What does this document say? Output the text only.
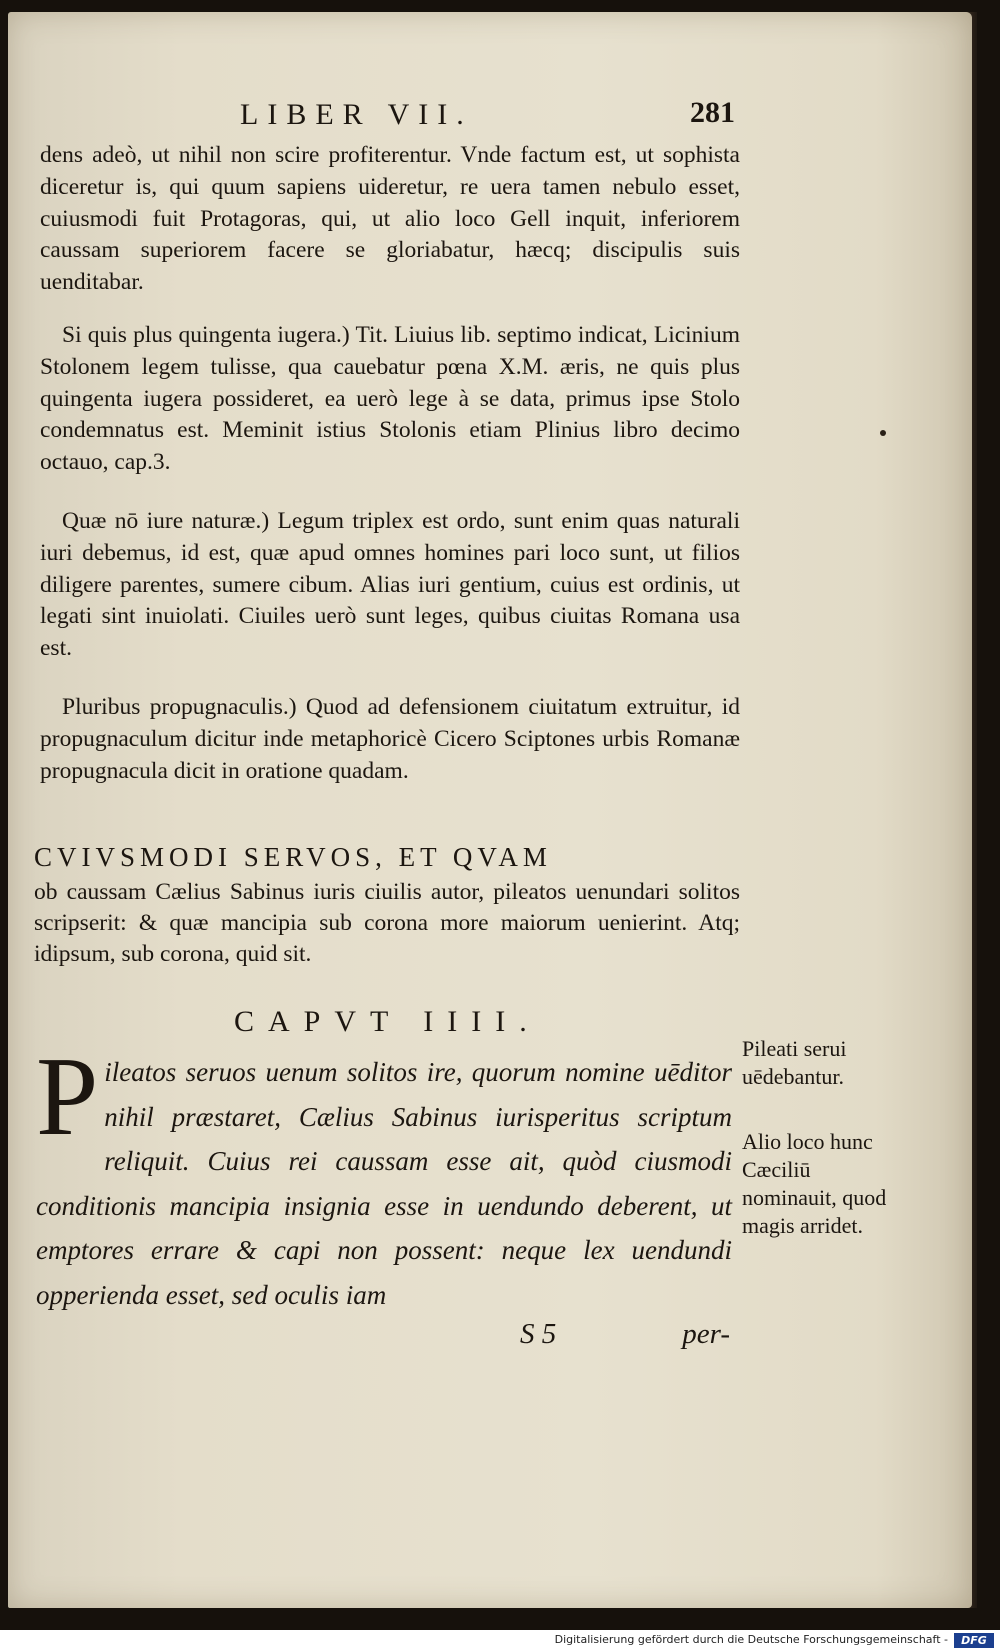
LIBER VII.	281

dens adeò, ut nihil non scire profiterentur. Vnde factum est, ut sophista diceretur is, qui quum sapiens uideretur, re uera tamen nebulo esset, cuiusmodi fuit Protagoras, qui, ut alio loco Gell inquit, inferiorem caussam superiorem facere se gloriabatur, hæcq; discipulis suis uenditabar.

Si quis plus quingenta iugera.) Tit. Liuius lib. septimo indicat, Licinium Stolonem legem tulisse, qua cauebatur pœna X.M. æris, ne quis plus quingenta iugera possideret, ea uerò lege à se data, primus ipse Stolo condemnatus est. Meminit istius Stolonis etiam Plinius libro decimo octauo, cap.3.

Quæ nō iure naturæ.) Legum triplex est ordo, sunt enim quas naturali iuri debemus, id est, quæ apud omnes homines pari loco sunt, ut filios diligere parentes, sumere cibum. Alias iuri gentium, cuius est ordinis, ut legati sint inuiolati. Ciuiles uerò sunt leges, quibus ciuitas Romana usa est.

Pluribus propugnaculis.) Quod ad defensionem ciuitatum extruitur, id propugnaculum dicitur inde metaphoricè Cicero Sciptones urbis Romanæ propugnacula dicit in oratione quadam.

CVIVSMODI SERVOS, ET QVAM
ob caussam Cælius Sabinus iuris ciuilis autor, pileatos uenundari solitos scripserit: & quæ mancipia sub corona more maiorum uenierint. Atq; idipsum, sub corona, quid sit.
CAPVT IIII.
P ileatos seruos uenum solitos ire, quorum nomine uēditor nihil præstaret, Cælius Sabinus iurisperitus scriptum reliquit. Cuius rei caussam esse ait, quòd ciusmodi conditionis mancipia insignia esse in uendundo deberent, ut emptores errare & capi non possent: neque lex uendundi opperienda esset, sed oculis iam
S 5	per-
Pileati serui uēdebantur.
Alio loco hunc Cæciliū nominauit, quod magis arridet.
Digitalisierung gefördert durch die Deutsche Forschungsgemeinschaft -	DFG
